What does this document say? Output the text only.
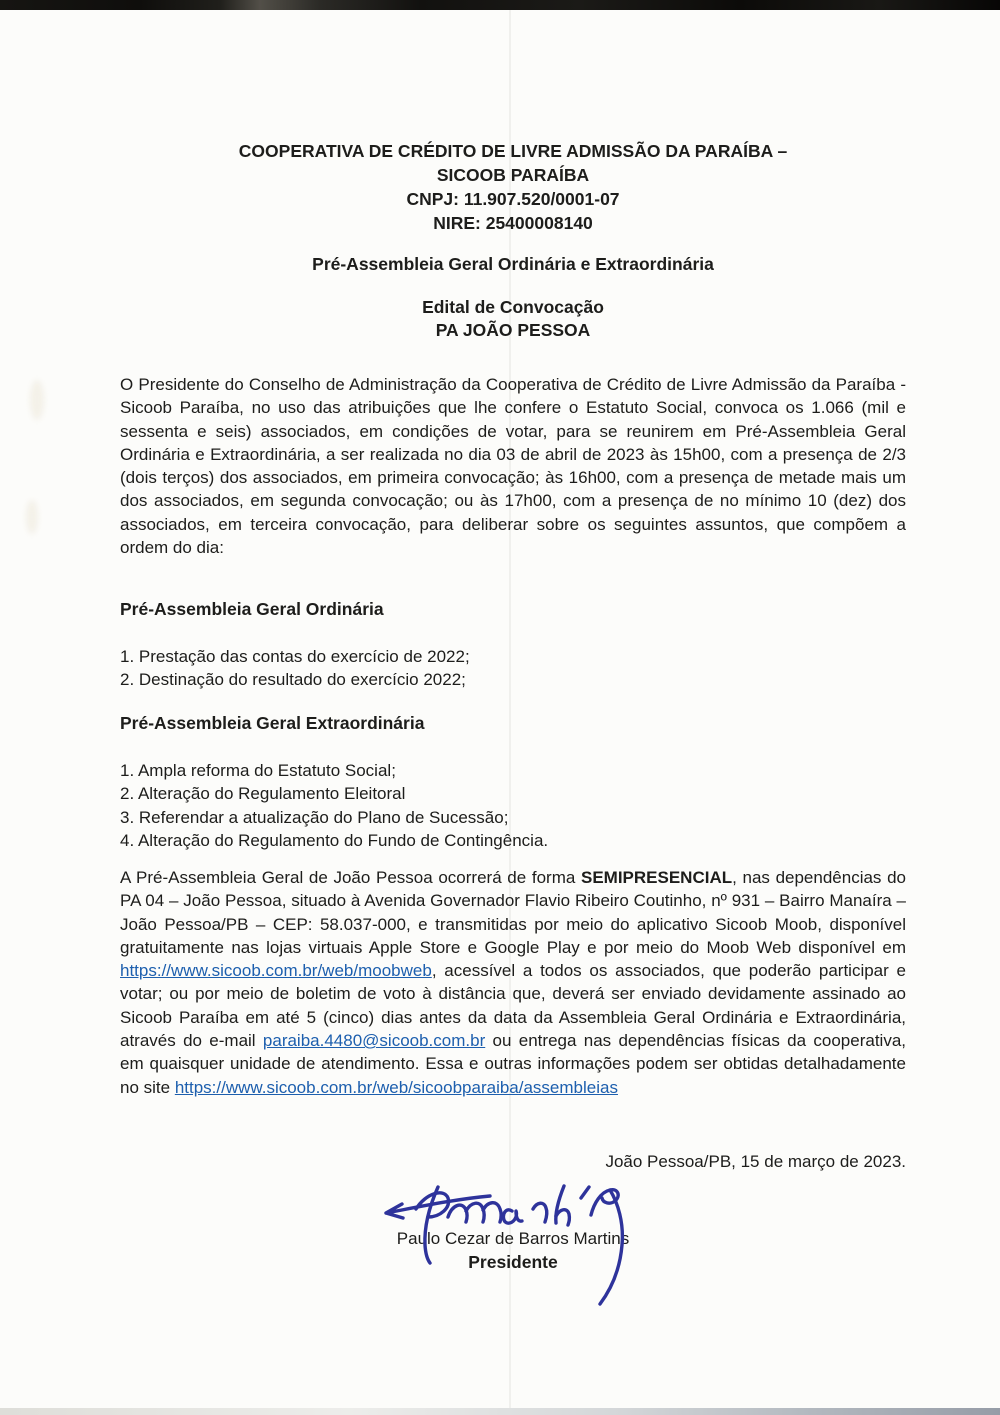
COOPERATIVA DE CRÉDITO DE LIVRE ADMISSÃO DA PARAÍBA –
SICOOB PARAÍBA
CNPJ: 11.907.520/0001-07
NIRE: 25400008140
Pré-Assembleia Geral Ordinária e Extraordinária
Edital de Convocação
PA JOÃO PESSOA

O Presidente do Conselho de Administração da Cooperativa de Crédito de Livre Admissão da Paraíba - Sicoob Paraíba, no uso das atribuições que lhe confere o Estatuto Social, convoca os 1.066 (mil e sessenta e seis) associados, em condições de votar, para se reunirem em Pré-Assembleia Geral Ordinária e Extraordinária, a ser realizada no dia 03 de abril de 2023 às 15h00, com a presença de 2/3 (dois terços) dos associados, em primeira convocação; às 16h00, com a presença de metade mais um dos associados, em segunda convocação; ou às 17h00, com a presença de no mínimo 10 (dez) dos associados, em terceira convocação, para deliberar sobre os seguintes assuntos, que compõem a ordem do dia:

Pré-Assembleia Geral Ordinária
1. Prestação das contas do exercício de 2022;
2. Destinação do resultado do exercício 2022;
Pré-Assembleia Geral Extraordinária
1. Ampla reforma do Estatuto Social;
2. Alteração do Regulamento Eleitoral
3. Referendar a atualização do Plano de Sucessão;
4. Alteração do Regulamento do Fundo de Contingência.

A Pré-Assembleia Geral de João Pessoa ocorrerá de forma SEMIPRESENCIAL, nas dependências do PA 04 – João Pessoa, situado à Avenida Governador Flavio Ribeiro Coutinho, nº 931 – Bairro Manaíra – João Pessoa/PB – CEP: 58.037-000, e transmitidas por meio do aplicativo Sicoob Moob, disponível gratuitamente nas lojas virtuais Apple Store e Google Play e por meio do Moob Web disponível em https://www.sicoob.com.br/web/moobweb, acessível a todos os associados, que poderão participar e votar; ou por meio de boletim de voto à distância que, deverá ser enviado devidamente assinado ao Sicoob Paraíba em até 5 (cinco) dias antes da data da Assembleia Geral Ordinária e Extraordinária, através do e-mail paraiba.4480@sicoob.com.br ou entrega nas dependências físicas da cooperativa, em quaisquer unidade de atendimento. Essa e outras informações podem ser obtidas detalhadamente no site https://www.sicoob.com.br/web/sicoobparaiba/assembleias

João Pessoa/PB, 15 de março de 2023.
Paulo Cezar de Barros Martins
Presidente
